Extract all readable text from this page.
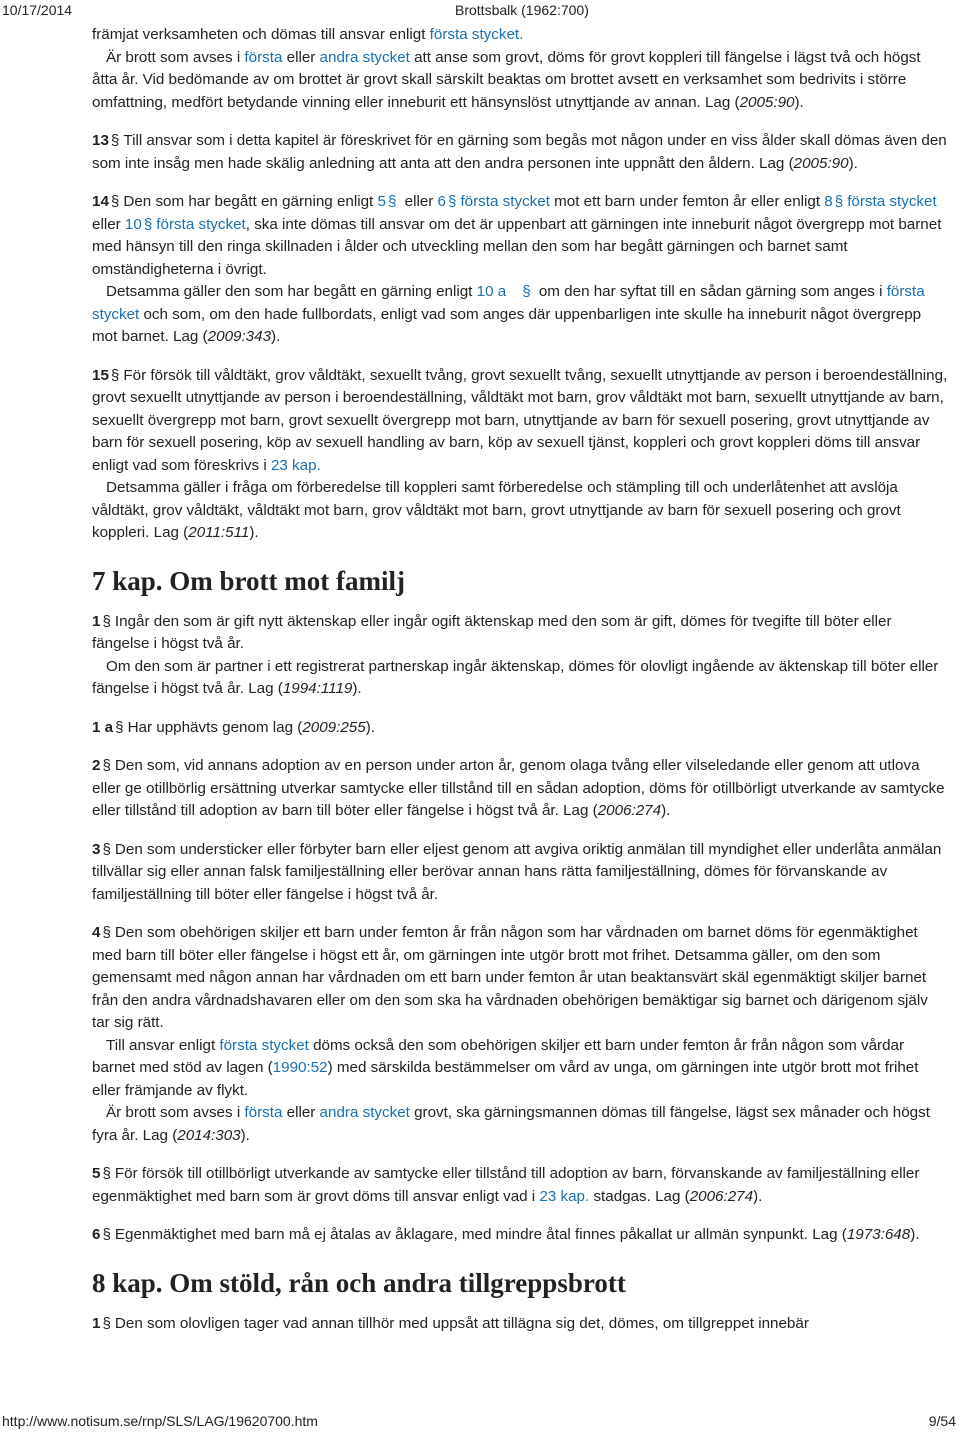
10/17/2014	Brottsbalk (1962:700)

främjat verksamheten och dömas till ansvar enligt första stycket.

Är brott som avses i första eller andra stycket att anse som grovt, döms för grovt koppleri till fängelse i lägst två och högst åtta år. Vid bedömande av om brottet är grovt skall särskilt beaktas om brottet avsett en verksamhet som bedrivits i större omfattning, medfört betydande vinning eller inneburit ett hänsynslöst utnyttjande av annan. Lag (2005:90).

13 § Till ansvar som i detta kapitel är föreskrivet för en gärning som begås mot någon under en viss ålder skall dömas även den som inte insåg men hade skälig anledning att anta att den andra personen inte uppnått den åldern. Lag (2005:90).

14 § Den som har begått en gärning enligt 5 § eller 6 § första stycket mot ett barn under femton år eller enligt 8 § första stycket eller 10 § första stycket, ska inte dömas till ansvar om det är uppenbart att gärningen inte inneburit något övergrepp mot barnet med hänsyn till den ringa skillnaden i ålder och utveckling mellan den som har begått gärningen och barnet samt omständigheterna i övrigt.

Detsamma gäller den som har begått en gärning enligt 10 a § om den har syftat till en sådan gärning som anges i första stycket och som, om den hade fullbordats, enligt vad som anges där uppenbarligen inte skulle ha inneburit något övergrepp mot barnet. Lag (2009:343).

15 § För försök till våldtäkt, grov våldtäkt, sexuellt tvång, grovt sexuellt tvång, sexuellt utnyttjande av person i beroendeställning, grovt sexuellt utnyttjande av person i beroendeställning, våldtäkt mot barn, grov våldtäkt mot barn, sexuellt utnyttjande av barn, sexuellt övergrepp mot barn, grovt sexuellt övergrepp mot barn, utnyttjande av barn för sexuell posering, grovt utnyttjande av barn för sexuell posering, köp av sexuell handling av barn, köp av sexuell tjänst, koppleri och grovt koppleri döms till ansvar enligt vad som föreskrivs i 23 kap.

Detsamma gäller i fråga om förberedelse till koppleri samt förberedelse och stämpling till och underlåtenhet att avslöja våldtäkt, grov våldtäkt, våldtäkt mot barn, grov våldtäkt mot barn, grovt utnyttjande av barn för sexuell posering och grovt koppleri. Lag (2011:511).

7 kap. Om brott mot familj

1 § Ingår den som är gift nytt äktenskap eller ingår ogift äktenskap med den som är gift, dömes för tvegifte till böter eller fängelse i högst två år.

Om den som är partner i ett registrerat partnerskap ingår äktenskap, dömes för olovligt ingående av äktenskap till böter eller fängelse i högst två år. Lag (1994:1119).

1 a § Har upphävts genom lag (2009:255).

2 § Den som, vid annans adoption av en person under arton år, genom olaga tvång eller vilseledande eller genom att utlova eller ge otillbörlig ersättning utverkar samtycke eller tillstånd till en sådan adoption, döms för otillbörligt utverkande av samtycke eller tillstånd till adoption av barn till böter eller fängelse i högst två år. Lag (2006:274).

3 § Den som understicker eller förbyter barn eller eljest genom att avgiva oriktig anmälan till myndighet eller underlåta anmälan tillvällar sig eller annan falsk familjeställning eller berövar annan hans rätta familjeställning, dömes för förvanskande av familjeställning till böter eller fängelse i högst två år.

4 § Den som obehörigen skiljer ett barn under femton år från någon som har vårdnaden om barnet döms för egenmäktighet med barn till böter eller fängelse i högst ett år, om gärningen inte utgör brott mot frihet. Detsamma gäller, om den som gemensamt med någon annan har vårdnaden om ett barn under femton år utan beaktansvärt skäl egenmäktigt skiljer barnet från den andra vårdnadshavaren eller om den som ska ha vårdnaden obehörigen bemäktigar sig barnet och därigenom själv tar sig rätt.

Till ansvar enligt första stycket döms också den som obehörigen skiljer ett barn under femton år från någon som vårdar barnet med stöd av lagen (1990:52) med särskilda bestämmelser om vård av unga, om gärningen inte utgör brott mot frihet eller främjande av flykt.

Är brott som avses i första eller andra stycket grovt, ska gärningsmannen dömas till fängelse, lägst sex månader och högst fyra år. Lag (2014:303).

5 § För försök till otillbörligt utverkande av samtycke eller tillstånd till adoption av barn, förvanskande av familjeställning eller egenmäktighet med barn som är grovt döms till ansvar enligt vad i 23 kap. stadgas. Lag (2006:274).

6 § Egenmäktighet med barn må ej åtalas av åklagare, med mindre åtal finnes påkallat ur allmän synpunkt. Lag (1973:648).

8 kap. Om stöld, rån och andra tillgreppsbrott

1 § Den som olovligen tager vad annan tillhör med uppsåt att tillägna sig det, dömes, om tillgreppet innebär

http://www.notisum.se/rnp/SLS/LAG/19620700.htm	9/54
